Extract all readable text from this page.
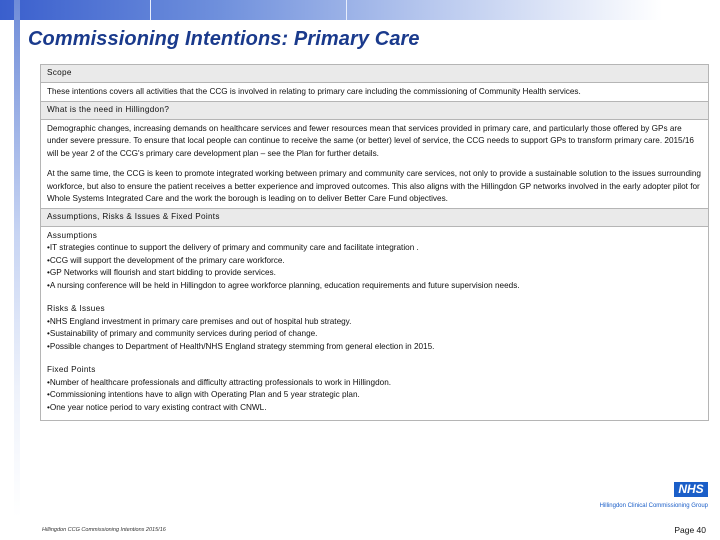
Commissioning Intentions: Primary Care
Scope

These intentions covers all activities that the CCG is involved in relating to primary care including the commissioning of Community Health services.

What is the need in Hillingdon?

Demographic changes, increasing demands on healthcare services and fewer resources mean that services provided in primary care, and particularly those offered by GPs are under severe pressure. To ensure that local people can continue to receive the same (or better) level of service, the CCG needs to support GPs to transform primary care. 2015/16 will be year 2 of the CCG's primary care development plan – see the Plan for further details.

At the same time, the CCG is keen to promote integrated working between primary and community care services, not only to provide a sustainable solution to the issues surrounding workforce, but also to ensure the patient receives a better experience and improved outcomes. This also aligns with the Hillingdon GP networks involved in the early adopter pilot for Whole Systems Integrated Care and the work the borough is leading on to deliver Better Care Fund objectives.

Assumptions, Risks & Issues & Fixed Points

Assumptions

•IT strategies continue to support the delivery of primary and community care and facilitate integration .

•CCG will support the development of the primary care workforce.

•GP Networks will flourish and start bidding to provide services.

•A nursing conference will be held in Hillingdon to agree workforce planning, education requirements and future supervision needs.

Risks & Issues

•NHS England investment in primary care premises and out of hospital hub strategy.

•Sustainability of primary and community services during period of change.

•Possible changes to Department of Health/NHS England strategy stemming from general election in 2015.

Fixed Points

•Number of healthcare professionals and difficulty attracting professionals to work in Hillingdon.

•Commissioning intentions have to align with Operating Plan and 5 year strategic plan.

•One year notice period to vary existing contract with CNWL.

NHS
Hillingdon Clinical Commissioning Group
Hillingdon CCG Commissioning Intentions 2015/16	Page 40
